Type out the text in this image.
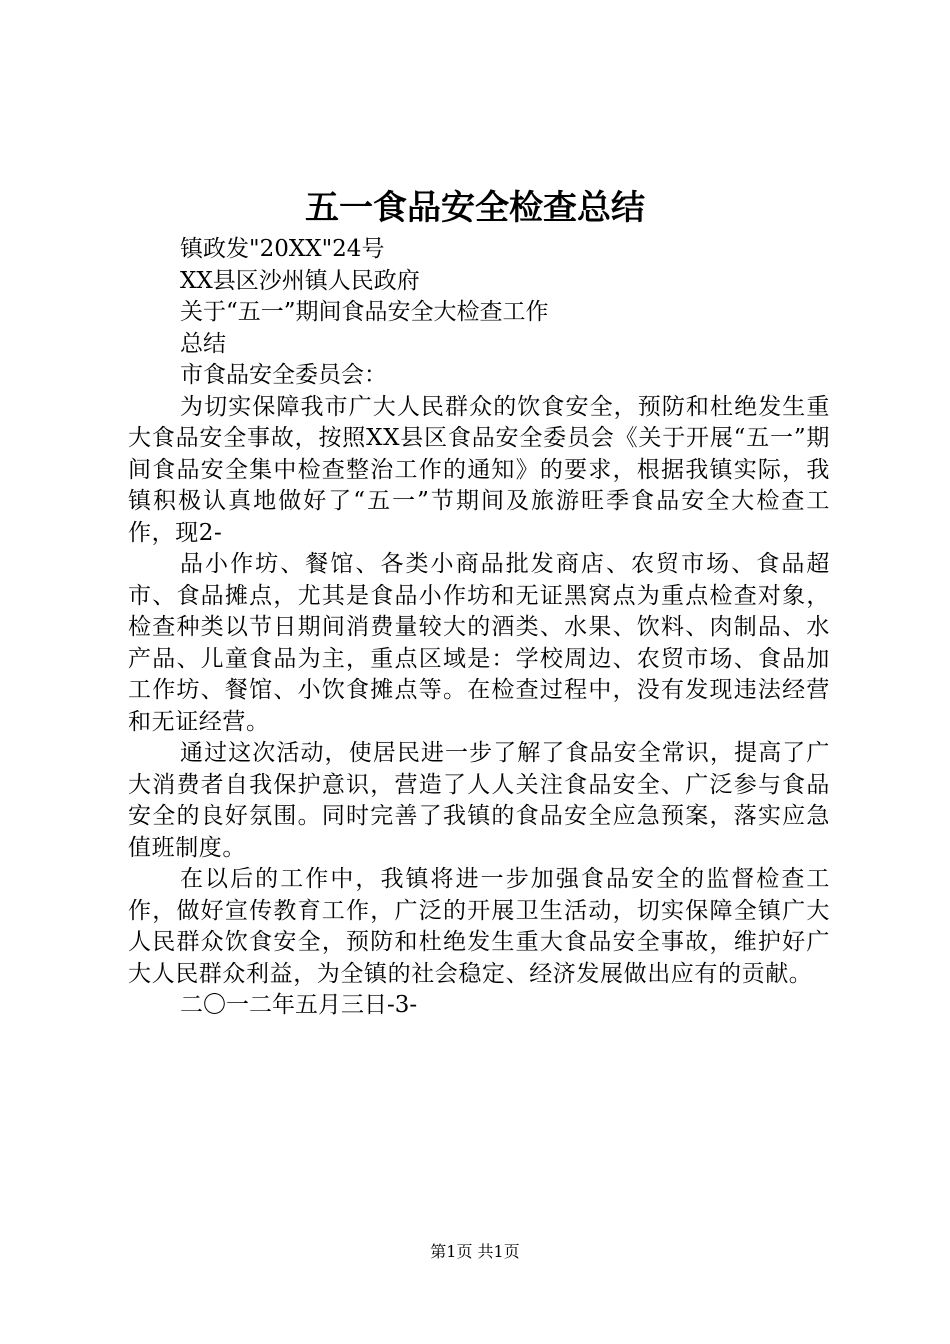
五一食品安全检查总结

镇政发"20XX"24号

XX县区沙州镇人民政府

关于“五一”期间食品安全大检查工作

总结

市食品安全委员会：

为切实保障我市广大人民群众的饮食安全，预防和杜绝发生重大食品安全事故，按照XX县区食品安全委员会《关于开展“五一”期间食品安全集中检查整治工作的通知》的要求，根据我镇实际，我镇积极认真地做好了“五一”节期间及旅游旺季食品安全大检查工作，现2-

品小作坊、餐馆、各类小商品批发商店、农贸市场、食品超市、食品摊点，尤其是食品小作坊和无证黑窝点为重点检查对象，检查种类以节日期间消费量较大的酒类、水果、饮料、肉制品、水产品、儿童食品为主，重点区域是：学校周边、农贸市场、食品加工作坊、餐馆、小饮食摊点等。在检查过程中，没有发现违法经营和无证经营。

通过这次活动，使居民进一步了解了食品安全常识，提高了广大消费者自我保护意识，营造了人人关注食品安全、广泛参与食品安全的良好氛围。同时完善了我镇的食品安全应急预案，落实应急值班制度。

在以后的工作中，我镇将进一步加强食品安全的监督检查工作，做好宣传教育工作，广泛的开展卫生活动，切实保障全镇广大人民群众饮食安全，预防和杜绝发生重大食品安全事故，维护好广大人民群众利益，为全镇的社会稳定、经济发展做出应有的贡献。

二〇一二年五月三日-3-

第1页 共1页
